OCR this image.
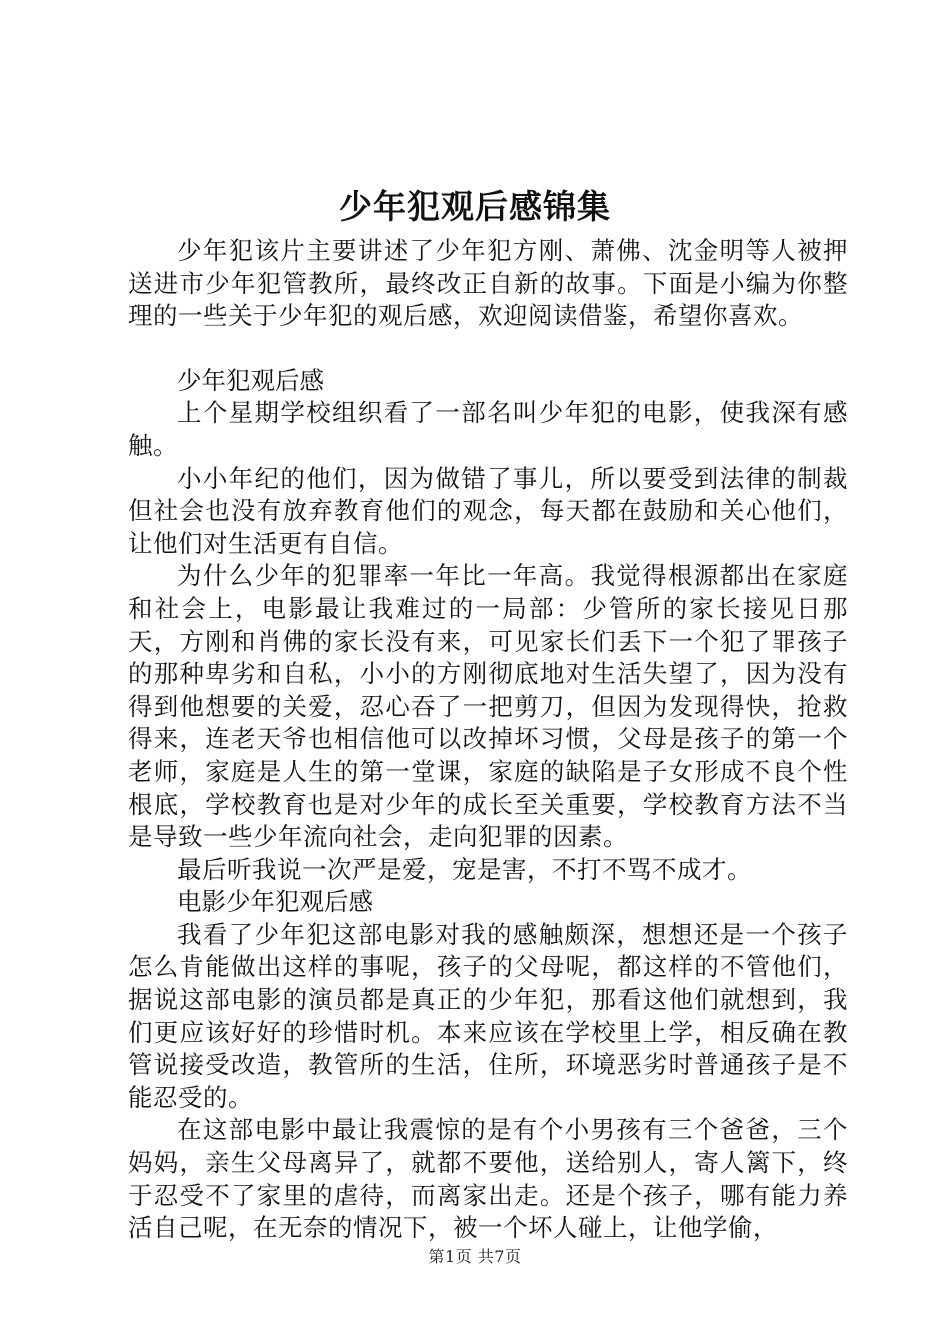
少年犯观后感锦集

少年犯该片主要讲述了少年犯方刚、萧佛、沈金明等人被押送进市少年犯管教所，最终改正自新的故事。下面是小编为你整理的一些关于少年犯的观后感，欢迎阅读借鉴，希望你喜欢。

少年犯观后感

上个星期学校组织看了一部名叫少年犯的电影，使我深有感触。

小小年纪的他们，因为做错了事儿，所以要受到法律的制裁但社会也没有放弃教育他们的观念，每天都在鼓励和关心他们，让他们对生活更有自信。

为什么少年的犯罪率一年比一年高。我觉得根源都出在家庭和社会上，电影最让我难过的一局部：少管所的家长接见日那天，方刚和肖佛的家长没有来，可见家长们丢下一个犯了罪孩子的那种卑劣和自私，小小的方刚彻底地对生活失望了，因为没有得到他想要的关爱，忍心吞了一把剪刀，但因为发现得快，抢救得来，连老天爷也相信他可以改掉坏习惯，父母是孩子的第一个老师，家庭是人生的第一堂课，家庭的缺陷是子女形成不良个性根底，学校教育也是对少年的成长至关重要，学校教育方法不当是导致一些少年流向社会，走向犯罪的因素。

最后听我说一次严是爱，宠是害，不打不骂不成才。

电影少年犯观后感

我看了少年犯这部电影对我的感触颇深，想想还是一个孩子怎么肯能做出这样的事呢，孩子的父母呢，都这样的不管他们，据说这部电影的演员都是真正的少年犯，那看这他们就想到，我们更应该好好的珍惜时机。本来应该在学校里上学，相反确在教管说接受改造，教管所的生活，住所，环境恶劣时普通孩子是不能忍受的。

在这部电影中最让我震惊的是有个小男孩有三个爸爸，三个妈妈，亲生父母离异了，就都不要他，送给别人，寄人篱下，终于忍受不了家里的虐待，而离家出走。还是个孩子，哪有能力养活自己呢，在无奈的情况下，被一个坏人碰上，让他学偷，

第1页 共7页
